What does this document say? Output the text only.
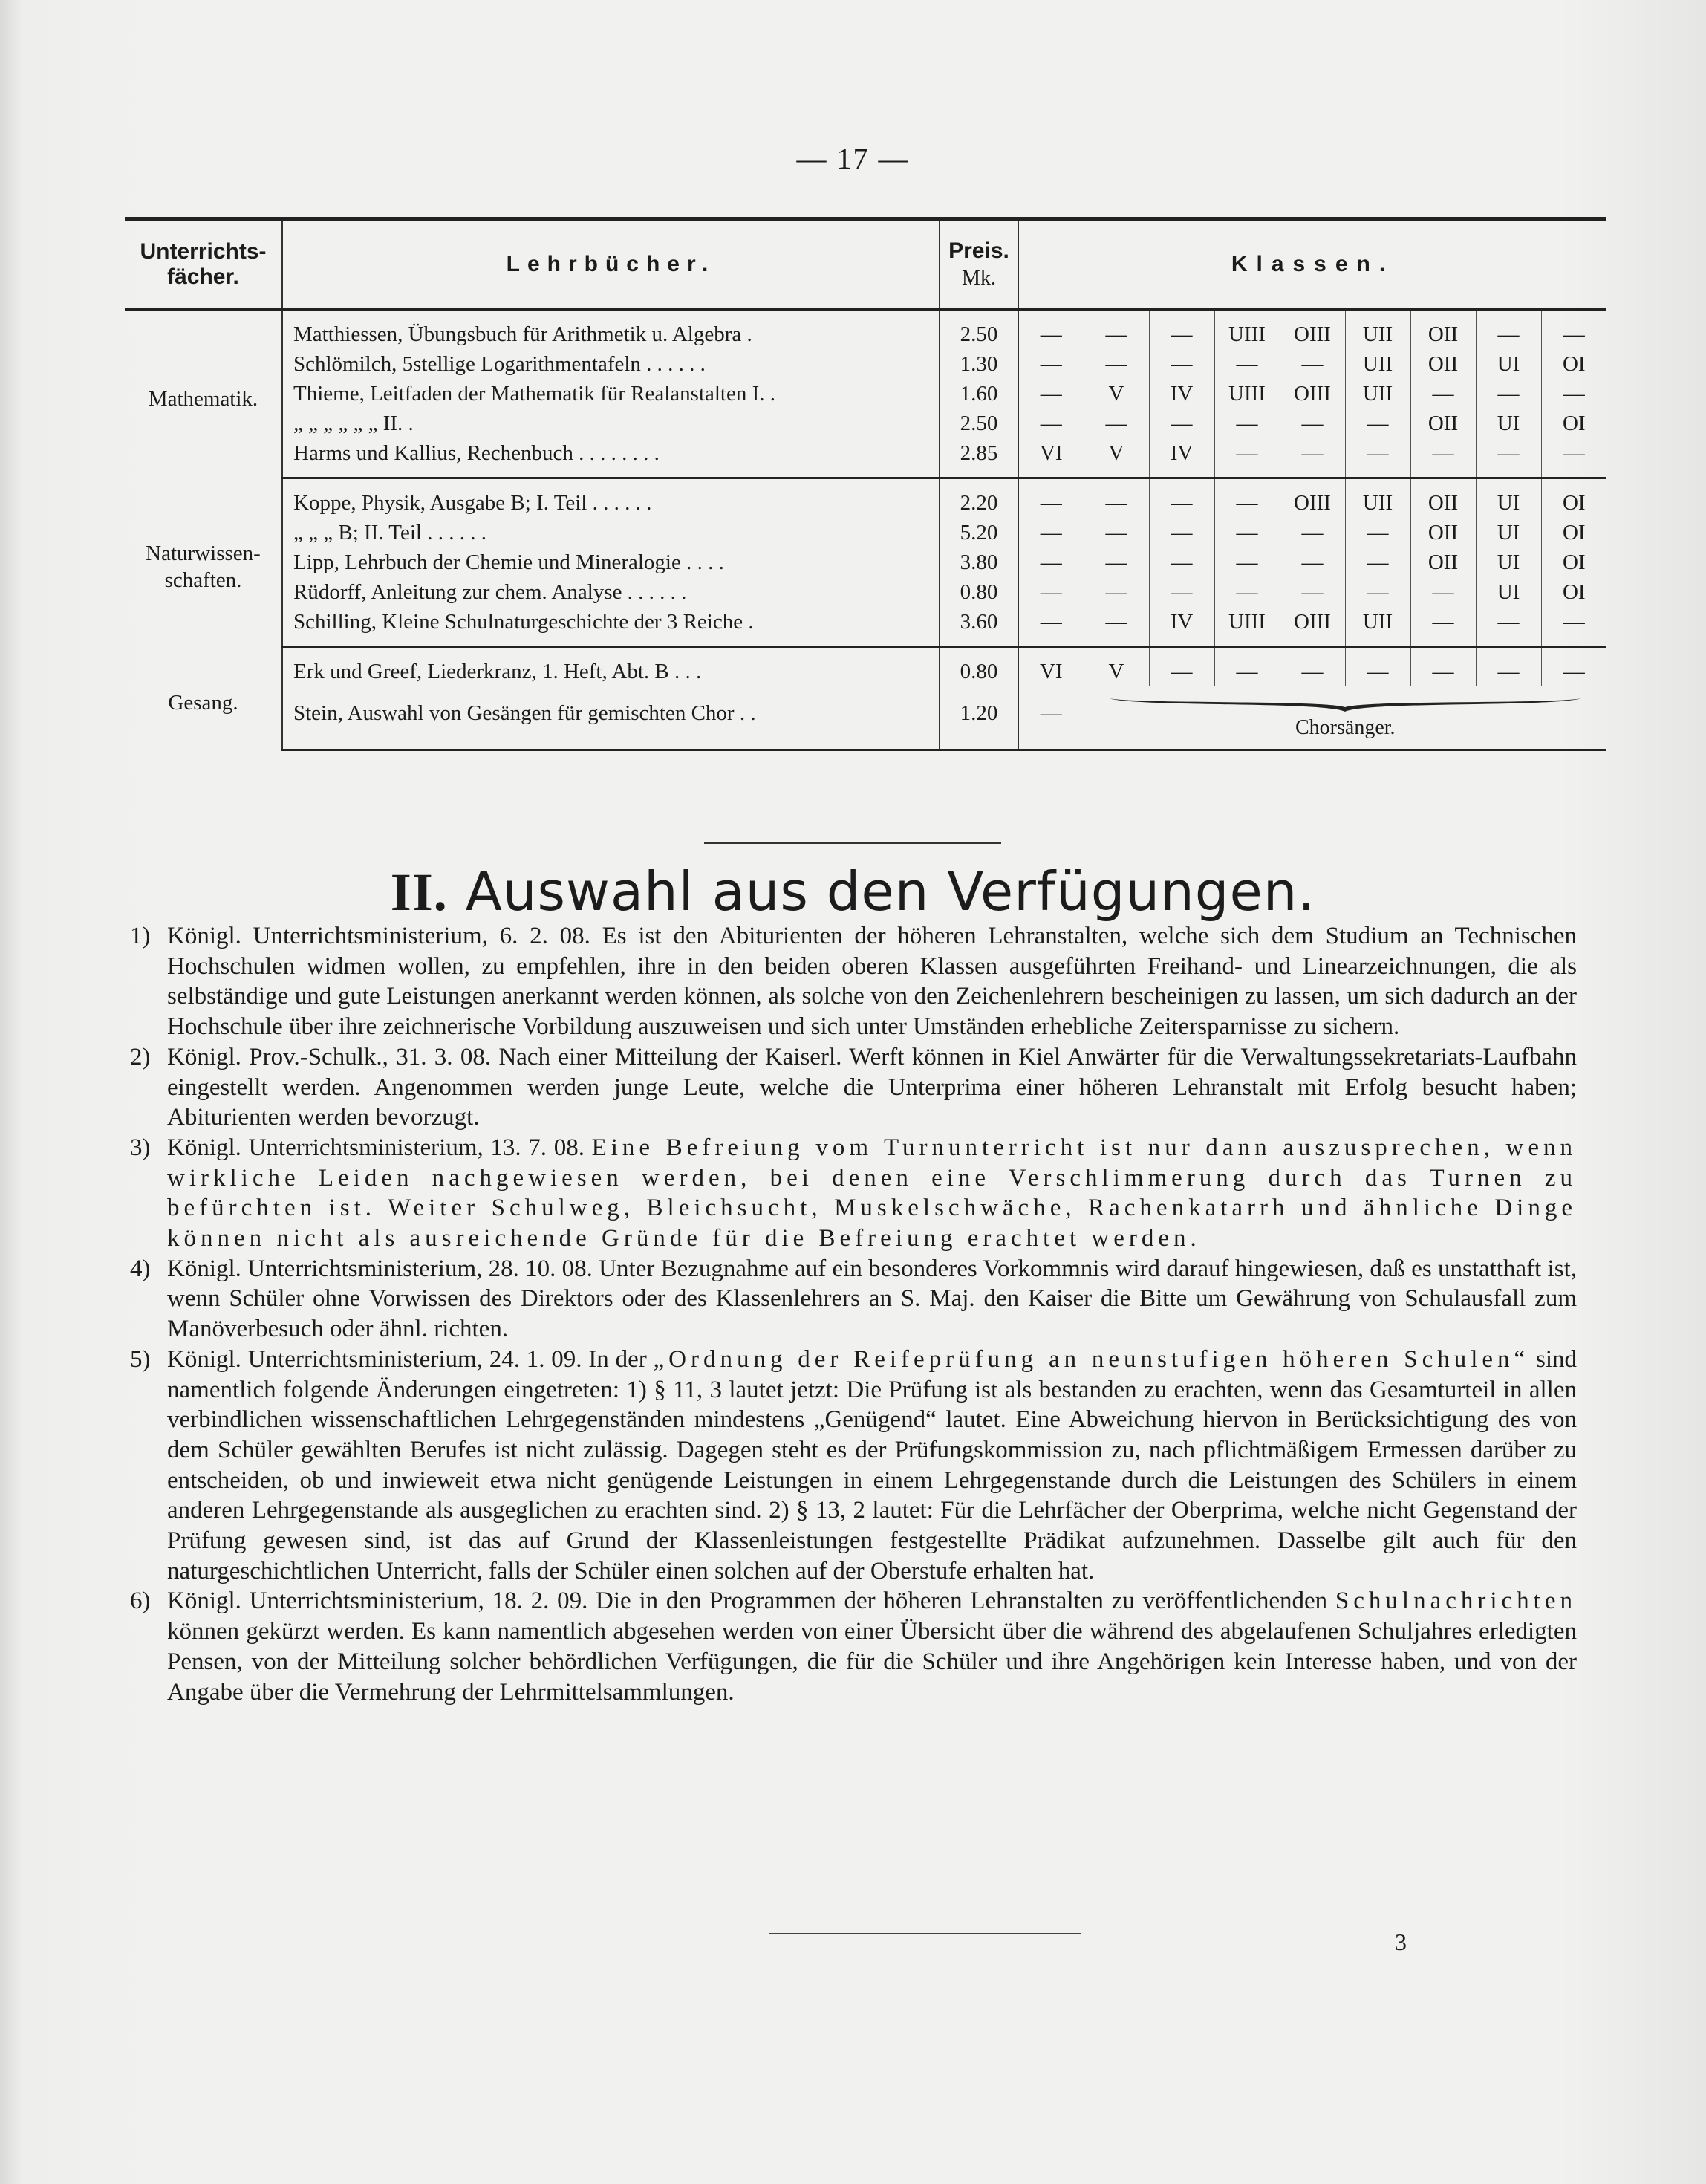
— 17 —
Unterrichts-
fächer.	Lehrbücher.	Preis.
Mk.	Klassen.								
Mathematik.	Matthiessen, Übungsbuch für Arithmetik u. Algebra .	2.50	—	—	—	UIII	OIII	UII	OII	—	—
	Schlömilch, 5stellige Logarithmentafeln . . . . . .	1.30	—	—	—	—	—	UII	OII	UI	OI
	Thieme, Leitfaden der Mathematik für Realanstalten I. .	1.60	—	V	IV	UIII	OIII	UII	—	—	—
	„ „ „ „ „ „ II. .	2.50	—	—	—	—	—	—	OII	UI	OI
	Harms und Kallius, Rechenbuch . . . . . . . .	2.85	VI	V	IV	—	—	—	—	—	—
Naturwissen-schaften.	Koppe, Physik, Ausgabe B; I. Teil . . . . . .	2.20	—	—	—	—	OIII	UII	OII	UI	OI
	„ „ „ B; II. Teil . . . . . .	5.20	—	—	—	—	—	—	OII	UI	OI
	Lipp, Lehrbuch der Chemie und Mineralogie . . . .	3.80	—	—	—	—	—	—	OII	UI	OI
	Rüdorff, Anleitung zur chem. Analyse . . . . . .	0.80	—	—	—	—	—	—	—	UI	OI
	Schilling, Kleine Schulnaturgeschichte der 3 Reiche .	3.60	—	—	IV	UIII	OIII	UII	—	—	—
Gesang.	Erk und Greef, Liederkranz, 1. Heft, Abt. B . . .	0.80	VI	V	—	—	—	—	—	—	—
	Stein, Auswahl von Gesängen für gemischten Chor . .	1.20	—	Chorsänger.							
II. Auswahl aus den Verfügungen.
1) Königl. Unterrichtsministerium, 6. 2. 08. Es ist den Abiturienten der höheren Lehranstalten, welche sich dem Studium an Technischen Hochschulen widmen wollen, zu empfehlen, ihre in den beiden oberen Klassen ausgeführten Freihand- und Linearzeichnungen, die als selbständige und gute Leistungen anerkannt werden können, als solche von den Zeichenlehrern bescheinigen zu lassen, um sich dadurch an der Hochschule über ihre zeichnerische Vorbildung auszuweisen und sich unter Umständen erhebliche Zeitersparnisse zu sichern.
2) Königl. Prov.-Schulk., 31. 3. 08. Nach einer Mitteilung der Kaiserl. Werft können in Kiel Anwärter für die Verwaltungssekretariats-Laufbahn eingestellt werden. Angenommen werden junge Leute, welche die Unterprima einer höheren Lehranstalt mit Erfolg besucht haben; Abiturienten werden bevorzugt.
3) Königl. Unterrichtsministerium, 13. 7. 08. Eine Befreiung vom Turnunterricht ist nur dann auszusprechen, wenn wirkliche Leiden nachgewiesen werden, bei denen eine Verschlimmerung durch das Turnen zu befürchten ist. Weiter Schulweg, Bleichsucht, Muskelschwäche, Rachenkatarrh und ähnliche Dinge können nicht als ausreichende Gründe für die Befreiung erachtet werden.
4) Königl. Unterrichtsministerium, 28. 10. 08. Unter Bezugnahme auf ein besonderes Vorkommnis wird darauf hingewiesen, daß es unstatthaft ist, wenn Schüler ohne Vorwissen des Direktors oder des Klassenlehrers an S. Maj. den Kaiser die Bitte um Gewährung von Schulausfall zum Manöverbesuch oder ähnl. richten.
5) Königl. Unterrichtsministerium, 24. 1. 09. In der „Ordnung der Reifeprüfung an neunstufigen höheren Schulen“ sind namentlich folgende Änderungen eingetreten: 1) § 11, 3 lautet jetzt: Die Prüfung ist als bestanden zu erachten, wenn das Gesamturteil in allen verbindlichen wissenschaftlichen Lehrgegenständen mindestens „Genügend“ lautet. Eine Abweichung hiervon in Berücksichtigung des von dem Schüler gewählten Berufes ist nicht zulässig. Dagegen steht es der Prüfungskommission zu, nach pflichtmäßigem Ermessen darüber zu entscheiden, ob und inwieweit etwa nicht genügende Leistungen in einem Lehrgegenstande durch die Leistungen des Schülers in einem anderen Lehrgegenstande als ausgeglichen zu erachten sind. 2) § 13, 2 lautet: Für die Lehrfächer der Oberprima, welche nicht Gegenstand der Prüfung gewesen sind, ist das auf Grund der Klassenleistungen festgestellte Prädikat aufzunehmen. Dasselbe gilt auch für den naturgeschichtlichen Unterricht, falls der Schüler einen solchen auf der Oberstufe erhalten hat.
6) Königl. Unterrichtsministerium, 18. 2. 09. Die in den Programmen der höheren Lehranstalten zu veröffentlichenden Schulnachrichten können gekürzt werden. Es kann namentlich abgesehen werden von einer Übersicht über die während des abgelaufenen Schuljahres erledigten Pensen, von der Mitteilung solcher behördlichen Verfügungen, die für die Schüler und ihre Angehörigen kein Interesse haben, und von der Angabe über die Vermehrung der Lehrmittelsammlungen.
3
